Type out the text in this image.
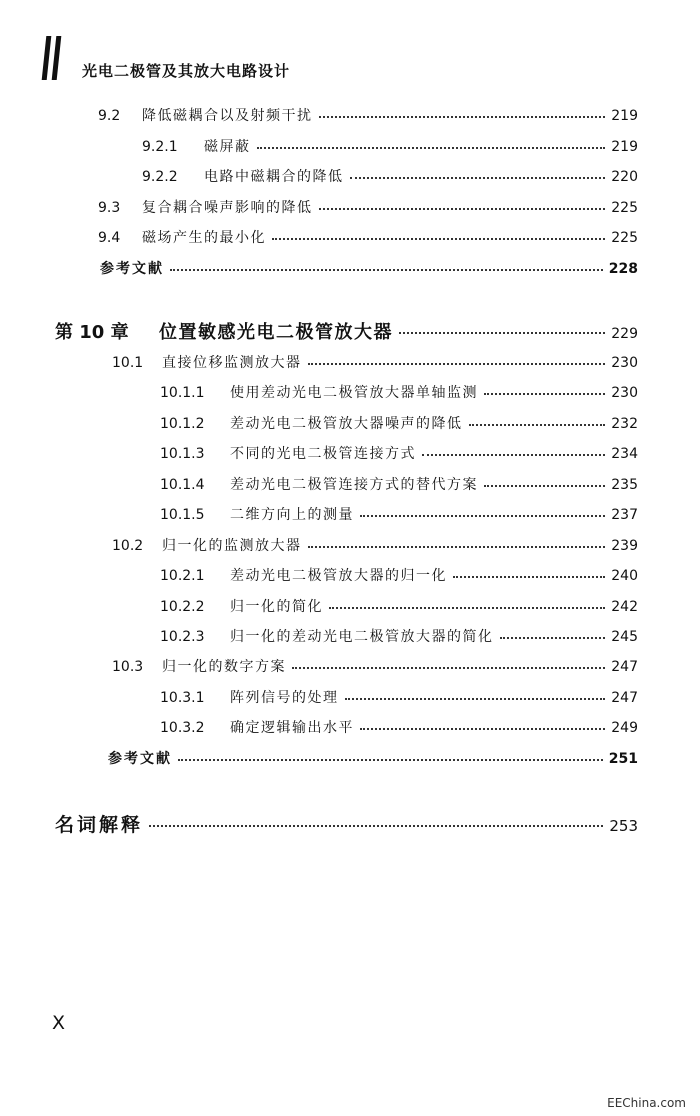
光电二极管及其放大电路设计
9.2	降低磁耦合以及射频干扰	219
9.2.1	磁屏蔽	219
9.2.2	电路中磁耦合的降低	220
9.3	复合耦合噪声影响的降低	225
9.4	磁场产生的最小化	225
参考文献	228
第 10 章	位置敏感光电二极管放大器	229
10.1	直接位移监测放大器	230
10.1.1	使用差动光电二极管放大器单轴监测	230
10.1.2	差动光电二极管放大器噪声的降低	232
10.1.3	不同的光电二极管连接方式	234
10.1.4	差动光电二极管连接方式的替代方案	235
10.1.5	二维方向上的测量	237
10.2	归一化的监测放大器	239
10.2.1	差动光电二极管放大器的归一化	240
10.2.2	归一化的简化	242
10.2.3	归一化的差动光电二极管放大器的简化	245
10.3	归一化的数字方案	247
10.3.1	阵列信号的处理	247
10.3.2	确定逻辑输出水平	249
参考文献	251
名词解释	253
X
EEChina.com
